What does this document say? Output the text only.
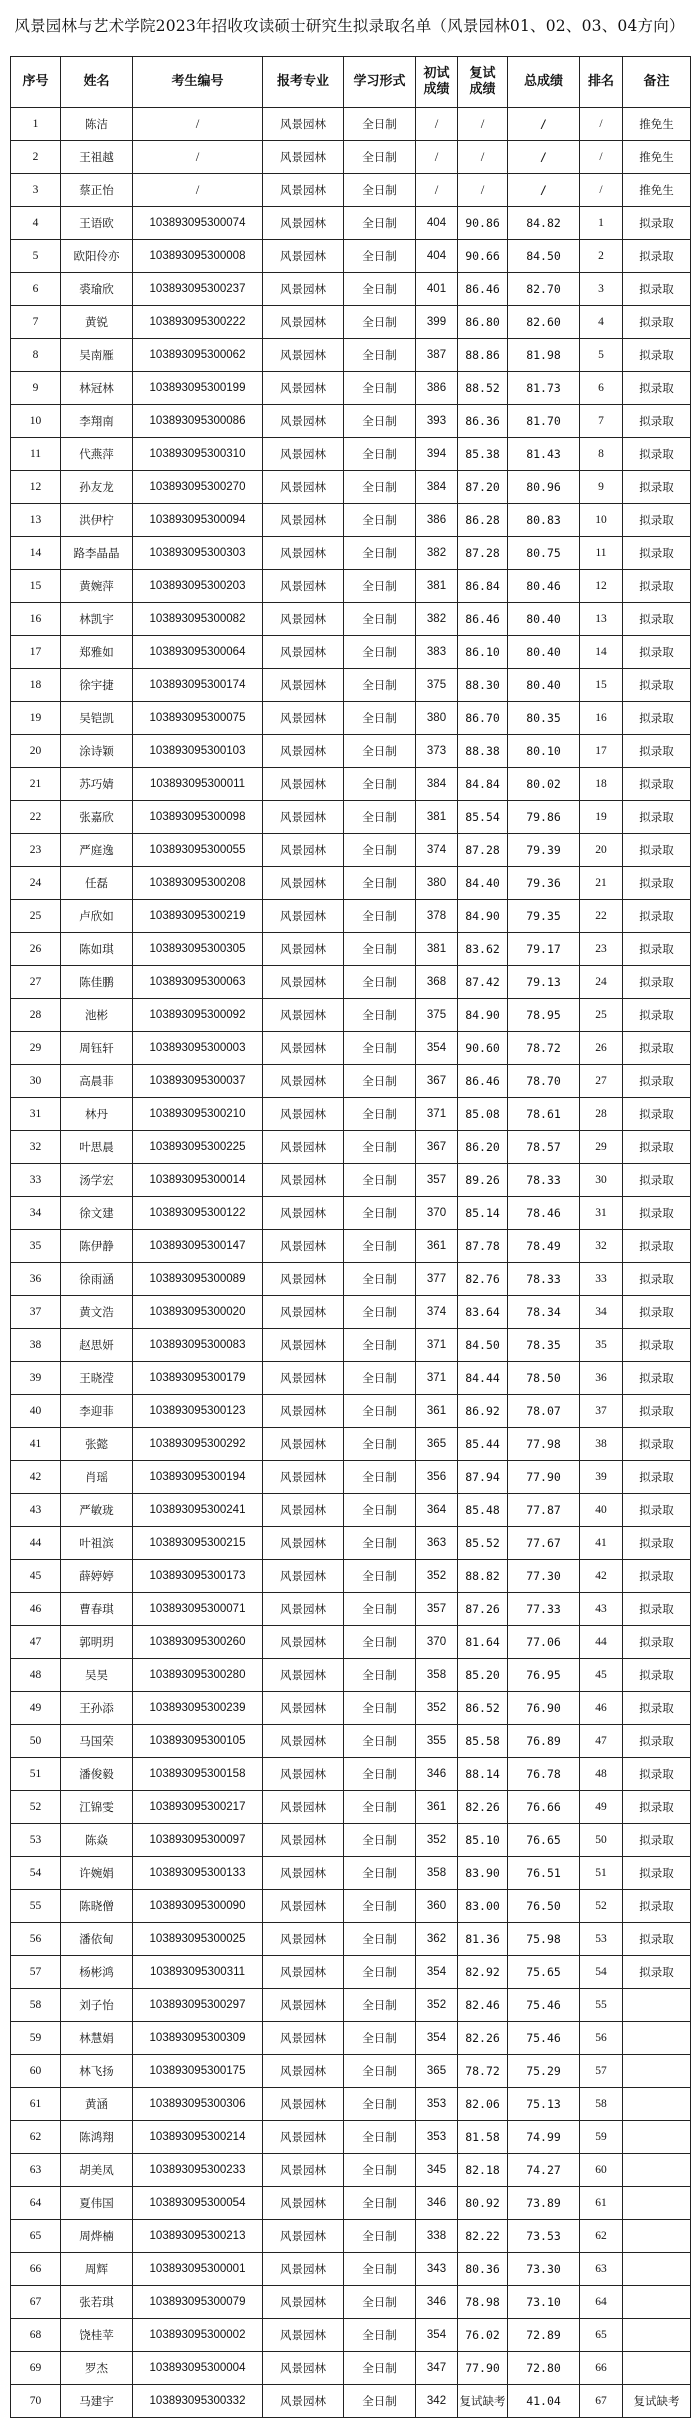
风景园林与艺术学院2023年招收攻读硕士研究生拟录取名单（风景园林01、02、03、04方向）
序号	姓名	考生编号	报考专业	学习形式	初试
成绩	复试
成绩	总成绩	排名	备注
1	陈洁	/	风景园林	全日制	/	/	/	/	推免生
2	王祖越	/	风景园林	全日制	/	/	/	/	推免生
3	蔡正怡	/	风景园林	全日制	/	/	/	/	推免生
4	王语欧	103893095300074	风景园林	全日制	404	90.86	84.82	1	拟录取
5	欧阳伶亦	103893095300008	风景园林	全日制	404	90.66	84.50	2	拟录取
6	裘瑜欣	103893095300237	风景园林	全日制	401	86.46	82.70	3	拟录取
7	黄锐	103893095300222	风景园林	全日制	399	86.80	82.60	4	拟录取
8	吴南雁	103893095300062	风景园林	全日制	387	88.86	81.98	5	拟录取
9	林冠林	103893095300199	风景园林	全日制	386	88.52	81.73	6	拟录取
10	李翔南	103893095300086	风景园林	全日制	393	86.36	81.70	7	拟录取
11	代燕萍	103893095300310	风景园林	全日制	394	85.38	81.43	8	拟录取
12	孙友龙	103893095300270	风景园林	全日制	384	87.20	80.96	9	拟录取
13	洪伊柠	103893095300094	风景园林	全日制	386	86.28	80.83	10	拟录取
14	路李晶晶	103893095300303	风景园林	全日制	382	87.28	80.75	11	拟录取
15	黄婉萍	103893095300203	风景园林	全日制	381	86.84	80.46	12	拟录取
16	林凯宇	103893095300082	风景园林	全日制	382	86.46	80.40	13	拟录取
17	郑雅如	103893095300064	风景园林	全日制	383	86.10	80.40	14	拟录取
18	徐宇捷	103893095300174	风景园林	全日制	375	88.30	80.40	15	拟录取
19	吴铠凯	103893095300075	风景园林	全日制	380	86.70	80.35	16	拟录取
20	涂诗颖	103893095300103	风景园林	全日制	373	88.38	80.10	17	拟录取
21	苏巧婧	103893095300011	风景园林	全日制	384	84.84	80.02	18	拟录取
22	张嘉欣	103893095300098	风景园林	全日制	381	85.54	79.86	19	拟录取
23	严庭逸	103893095300055	风景园林	全日制	374	87.28	79.39	20	拟录取
24	任磊	103893095300208	风景园林	全日制	380	84.40	79.36	21	拟录取
25	卢欣如	103893095300219	风景园林	全日制	378	84.90	79.35	22	拟录取
26	陈如琪	103893095300305	风景园林	全日制	381	83.62	79.17	23	拟录取
27	陈佳鹏	103893095300063	风景园林	全日制	368	87.42	79.13	24	拟录取
28	池彬	103893095300092	风景园林	全日制	375	84.90	78.95	25	拟录取
29	周钰轩	103893095300003	风景园林	全日制	354	90.60	78.72	26	拟录取
30	高晨菲	103893095300037	风景园林	全日制	367	86.46	78.70	27	拟录取
31	林丹	103893095300210	风景园林	全日制	371	85.08	78.61	28	拟录取
32	叶思晨	103893095300225	风景园林	全日制	367	86.20	78.57	29	拟录取
33	汤学宏	103893095300014	风景园林	全日制	357	89.26	78.33	30	拟录取
34	徐文建	103893095300122	风景园林	全日制	370	85.14	78.46	31	拟录取
35	陈伊静	103893095300147	风景园林	全日制	361	87.78	78.49	32	拟录取
36	徐雨涵	103893095300089	风景园林	全日制	377	82.76	78.33	33	拟录取
37	黄文浩	103893095300020	风景园林	全日制	374	83.64	78.34	34	拟录取
38	赵思妍	103893095300083	风景园林	全日制	371	84.50	78.35	35	拟录取
39	王晓滢	103893095300179	风景园林	全日制	371	84.44	78.50	36	拟录取
40	李迎菲	103893095300123	风景园林	全日制	361	86.92	78.07	37	拟录取
41	张懿	103893095300292	风景园林	全日制	365	85.44	77.98	38	拟录取
42	肖瑶	103893095300194	风景园林	全日制	356	87.94	77.90	39	拟录取
43	严敏珑	103893095300241	风景园林	全日制	364	85.48	77.87	40	拟录取
44	叶祖滨	103893095300215	风景园林	全日制	363	85.52	77.67	41	拟录取
45	薛婷婷	103893095300173	风景园林	全日制	352	88.82	77.30	42	拟录取
46	曹春琪	103893095300071	风景园林	全日制	357	87.26	77.33	43	拟录取
47	郭明玥	103893095300260	风景园林	全日制	370	81.64	77.06	44	拟录取
48	吴昊	103893095300280	风景园林	全日制	358	85.20	76.95	45	拟录取
49	王孙添	103893095300239	风景园林	全日制	352	86.52	76.90	46	拟录取
50	马国荣	103893095300105	风景园林	全日制	355	85.58	76.89	47	拟录取
51	潘俊毅	103893095300158	风景园林	全日制	346	88.14	76.78	48	拟录取
52	江锦雯	103893095300217	风景园林	全日制	361	82.26	76.66	49	拟录取
53	陈焱	103893095300097	风景园林	全日制	352	85.10	76.65	50	拟录取
54	许婉娟	103893095300133	风景园林	全日制	358	83.90	76.51	51	拟录取
55	陈晓僧	103893095300090	风景园林	全日制	360	83.00	76.50	52	拟录取
56	潘依甸	103893095300025	风景园林	全日制	362	81.36	75.98	53	拟录取
57	杨彬鸿	103893095300311	风景园林	全日制	354	82.92	75.65	54	拟录取
58	刘子怡	103893095300297	风景园林	全日制	352	82.46	75.46	55	
59	林慧娟	103893095300309	风景园林	全日制	354	82.26	75.46	56	
60	林飞扬	103893095300175	风景园林	全日制	365	78.72	75.29	57	
61	黄涵	103893095300306	风景园林	全日制	353	82.06	75.13	58	
62	陈鸿翔	103893095300214	风景园林	全日制	353	81.58	74.99	59	
63	胡美凤	103893095300233	风景园林	全日制	345	82.18	74.27	60	
64	夏伟国	103893095300054	风景园林	全日制	346	80.92	73.89	61	
65	周烨楠	103893095300213	风景园林	全日制	338	82.22	73.53	62	
66	周辉	103893095300001	风景园林	全日制	343	80.36	73.30	63	
67	张若琪	103893095300079	风景园林	全日制	346	78.98	73.10	64	
68	饶桂苹	103893095300002	风景园林	全日制	354	76.02	72.89	65	
69	罗杰	103893095300004	风景园林	全日制	347	77.90	72.80	66	
70	马建宇	103893095300332	风景园林	全日制	342	复试缺考	41.04	67	复试缺考
